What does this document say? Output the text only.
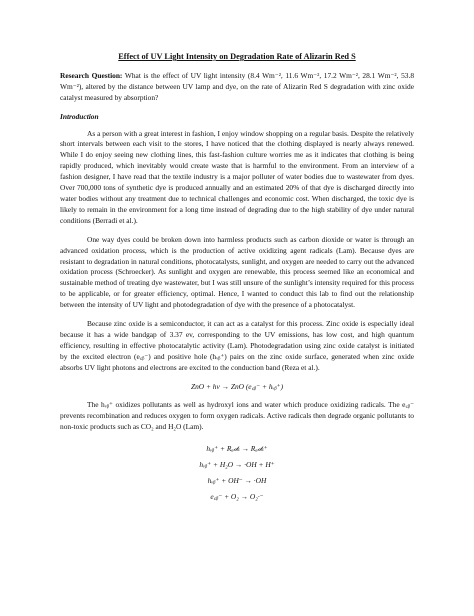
Effect of UV Light Intensity on Degradation Rate of Alizarin Red S
Research Question: What is the effect of UV light intensity (8.4 Wm⁻², 11.6 Wm⁻², 17.2 Wm⁻², 28.1 Wm⁻², 53.8 Wm⁻²), altered by the distance between UV lamp and dye, on the rate of Alizarin Red S degradation with zinc oxide catalyst measured by absorption?
Introduction

As a person with a great interest in fashion, I enjoy window shopping on a regular basis. Despite the relatively short intervals between each visit to the stores, I have noticed that the clothing displayed is nearly always renewed. While I do enjoy seeing new clothing lines, this fast-fashion culture worries me as it indicates that clothing is being rapidly produced, which inevitably would create waste that is harmful to the environment. From an interview of a fashion designer, I have read that the textile industry is a major polluter of water bodies due to wastewater from dyes. Over 700,000 tons of synthetic dye is produced annually and an estimated 20% of that dye is discharged directly into water bodies without any treatment due to technical challenges and economic cost. When discharged, the toxic dye is likely to remain in the environment for a long time instead of degrading due to the high stability of dye under natural conditions (Berradi et al.).

One way dyes could be broken down into harmless products such as carbon dioxide or water is through an advanced oxidation process, which is the production of active oxidizing agent radicals (Lam). Because dyes are resistant to degradation in natural conditions, photocatalysts, sunlight, and oxygen are needed to carry out the advanced oxidation process (Schroecker). As sunlight and oxygen are renewable, this process seemed like an economical and sustainable method of treating dye wastewater, but I was still unsure of the sunlight’s intensity required for this process to be applicable, or for greater efficiency, optimal. Hence, I wanted to conduct this lab to find out the relationship between the intensity of UV light and photodegradation of dye with the presence of a photocatalyst.

Because zinc oxide is a semiconductor, it can act as a catalyst for this process. Zinc oxide is especially ideal because it has a wide bandgap of 3.37 ev, corresponding to the UV emissions, has low cost, and high quantum efficiency, resulting in effective photocatalytic activity (Lam). Photodegradation using zinc oxide catalyst is initiated by the excited electron (e꜀ᵦ⁻) and positive hole (hᵥᵦ⁺) pairs on the zinc oxide surface, generated when zinc oxide absorbs UV light photons and electrons are excited to the conduction band (Reza et al.).

ZnO + hν → ZnO (e꜀ᵦ⁻ + hᵥᵦ⁺)

The hᵥᵦ⁺ oxidizes pollutants as well as hydroxyl ions and water which produce oxidizing radicals. The e꜀ᵦ⁻ prevents recombination and reduces oxygen to form oxygen radicals. Active radicals then degrade organic pollutants to non-toxic products such as CO₂ and H₂O (Lam).

hᵥᵦ⁺ + Rₐ𝒹ₛ → Rₐ𝒹ₛ⁺
hᵥᵦ⁺ + H₂O → ·OH + H⁺
hᵥᵦ⁺ + OH⁻ → ·OH
e꜀ᵦ⁻ + O₂ → O₂·⁻
